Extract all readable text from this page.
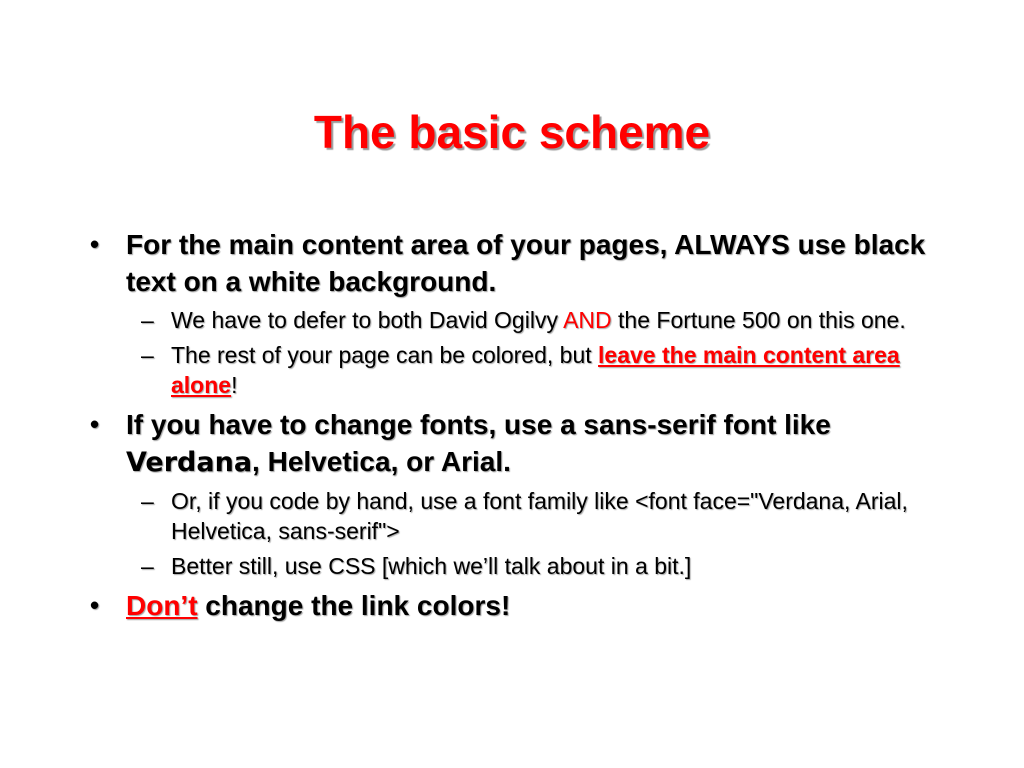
The basic scheme
• For the main content area of your pages, ALWAYS use black text on a white background.
– We have to defer to both David Ogilvy AND the Fortune 500 on this one.
– The rest of your page can be colored, but leave the main content area alone!
• If you have to change fonts, use a sans-serif font like Verdana, Helvetica, or Arial.
– Or, if you code by hand, use a font family like <font face="Verdana, Arial, Helvetica, sans-serif">
– Better still, use CSS [which we’ll talk about in a bit.]
• Don’t change the link colors!
